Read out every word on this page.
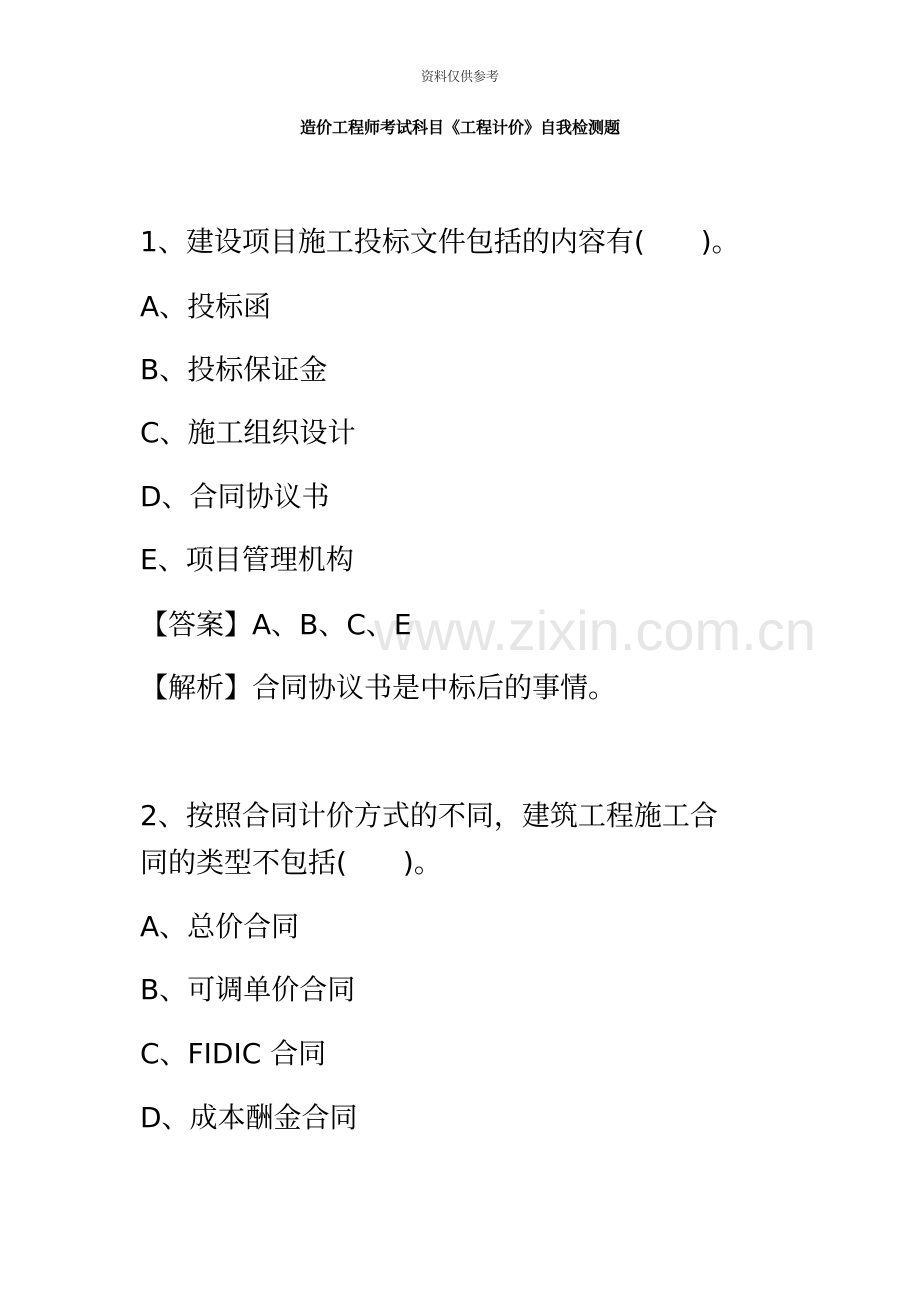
资料仅供参考
造价工程师考试科目《工程计价》自我检测题
www.zixin.com.cn
1、建设项目施工投标文件包括的内容有(　　)。
A、投标函
B、投标保证金
C、施工组织设计
D、合同协议书
E、项目管理机构
【答案】A、B、C、E
【解析】合同协议书是中标后的事情。
2、按照合同计价方式的不同，建筑工程施工合
同的类型不包括(　　)。
A、总价合同
B、可调单价合同
C、FIDIC 合同
D、成本酬金合同
